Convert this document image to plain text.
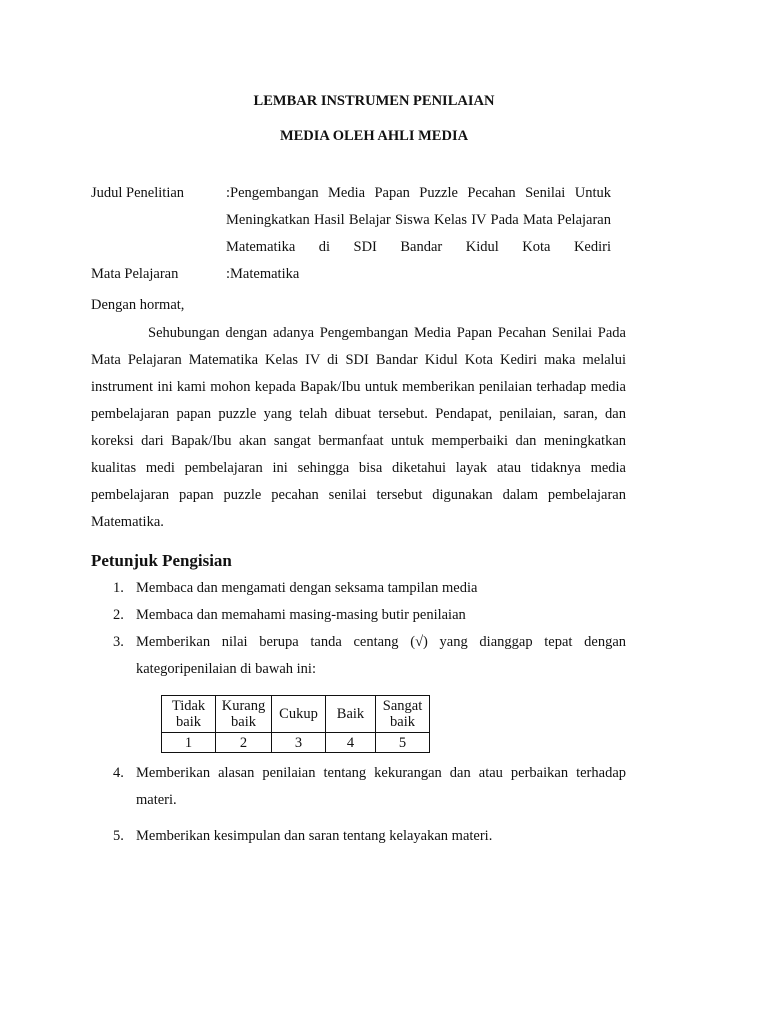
LEMBAR INSTRUMEN PENILAIAN
MEDIA OLEH AHLI MEDIA
Judul Penelitian	:Pengembangan Media Papan Puzzle Pecahan Senilai Untuk Meningkatkan Hasil Belajar Siswa Kelas IV Pada Mata Pelajaran Matematika di SDI Bandar Kidul Kota Kediri
Mata Pelajaran	:Matematika
Dengan hormat,

Sehubungan dengan adanya Pengembangan Media Papan Pecahan Senilai Pada Mata Pelajaran Matematika Kelas IV di SDI Bandar Kidul Kota Kediri maka melalui instrument ini kami mohon kepada Bapak/Ibu untuk memberikan penilaian terhadap media pembelajaran papan puzzle yang telah dibuat tersebut. Pendapat, penilaian, saran, dan koreksi dari Bapak/Ibu akan sangat bermanfaat untuk memperbaiki dan meningkatkan kualitas medi pembelajaran ini sehingga bisa diketahui layak atau tidaknya media pembelajaran papan puzzle pecahan senilai tersebut digunakan dalam pembelajaran Matematika.

Petunjuk Pengisian
1. Membaca dan mengamati dengan seksama tampilan media
2. Membaca dan memahami masing-masing butir penilaian
3. Memberikan nilai berupa tanda centang (√) yang dianggap tepat dengan kategoripenilaian di bawah ini:
Tidak baik	Kurang baik	Cukup	Baik	Sangat baik
1	2	3	4	5
4. Memberikan alasan penilaian tentang kekurangan dan atau perbaikan terhadap materi.
5. Memberikan kesimpulan dan saran tentang kelayakan materi.
